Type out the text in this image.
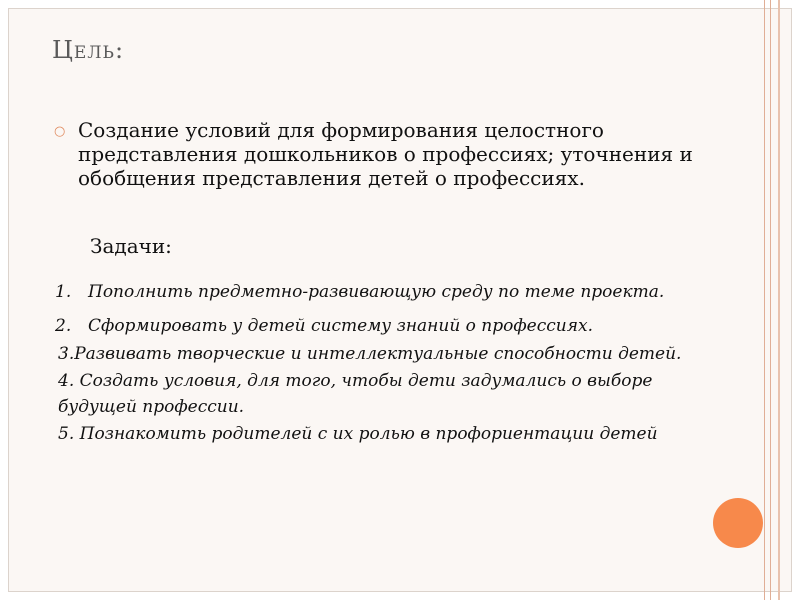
Цель:
○ Создание условий для формирования целостного представления дошкольников о профессиях; уточнения и обобщения представления детей о профессиях.
Задачи:
1. Пополнить предметно-развивающую среду по теме проекта.
2. Сформировать у детей систему знаний о профессиях.
3.Развивать творческие и интеллектуальные способности детей.
4. Создать условия, для того, чтобы дети задумались о выборе
будущей профессии.
5. Познакомить родителей с их ролью в профориентации детей
